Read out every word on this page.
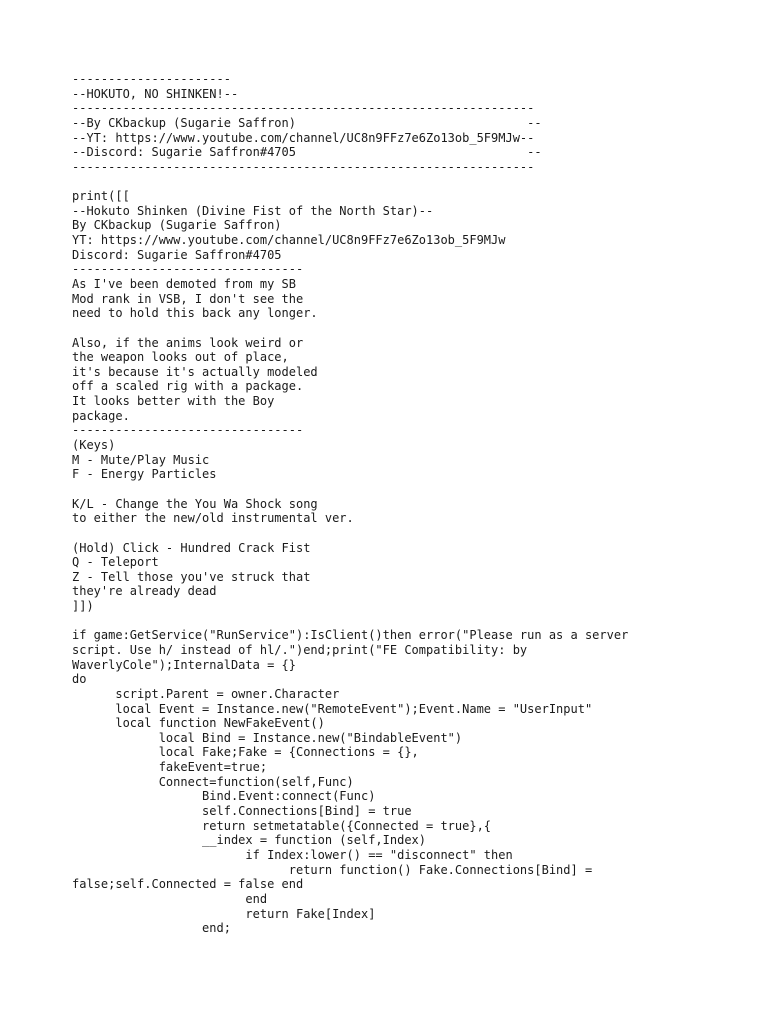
----------------------
--HOKUTO, NO SHINKEN!--
----------------------------------------------------------------
--By CKbackup (Sugarie Saffron)                                --
--YT: https://www.youtube.com/channel/UC8n9FFz7e6Zo13ob_5F9MJw--
--Discord: Sugarie Saffron#4705                                --
----------------------------------------------------------------
print([[
--Hokuto Shinken (Divine Fist of the North Star)--
By CKbackup (Sugarie Saffron)
YT: https://www.youtube.com/channel/UC8n9FFz7e6Zo13ob_5F9MJw
Discord: Sugarie Saffron#4705
--------------------------------
As I've been demoted from my SB
Mod rank in VSB, I don't see the
need to hold this back any longer.
Also, if the anims look weird or
the weapon looks out of place,
it's because it's actually modeled
off a scaled rig with a package.
It looks better with the Boy
package.
--------------------------------
(Keys)
M - Mute/Play Music
F - Energy Particles
K/L - Change the You Wa Shock song
to either the new/old instrumental ver.
(Hold) Click - Hundred Crack Fist
Q - Teleport
Z - Tell those you've struck that
they're already dead
]])
if game:GetService("RunService"):IsClient()then error("Please run as a server
script. Use h/ instead of hl/.")end;print("FE Compatibility: by
WaverlyCole");InternalData = {}
do
script.Parent = owner.Character
local Event = Instance.new("RemoteEvent");Event.Name = "UserInput"
local function NewFakeEvent()
local Bind = Instance.new("BindableEvent")
local Fake;Fake = {Connections = {},
fakeEvent=true;
Connect=function(self,Func)
Bind.Event:connect(Func)
self.Connections[Bind] = true
return setmetatable({Connected = true},{
__index = function (self,Index)
if Index:lower() == "disconnect" then
return function() Fake.Connections[Bind] =
false;self.Connected = false end
end
return Fake[Index]
end;
